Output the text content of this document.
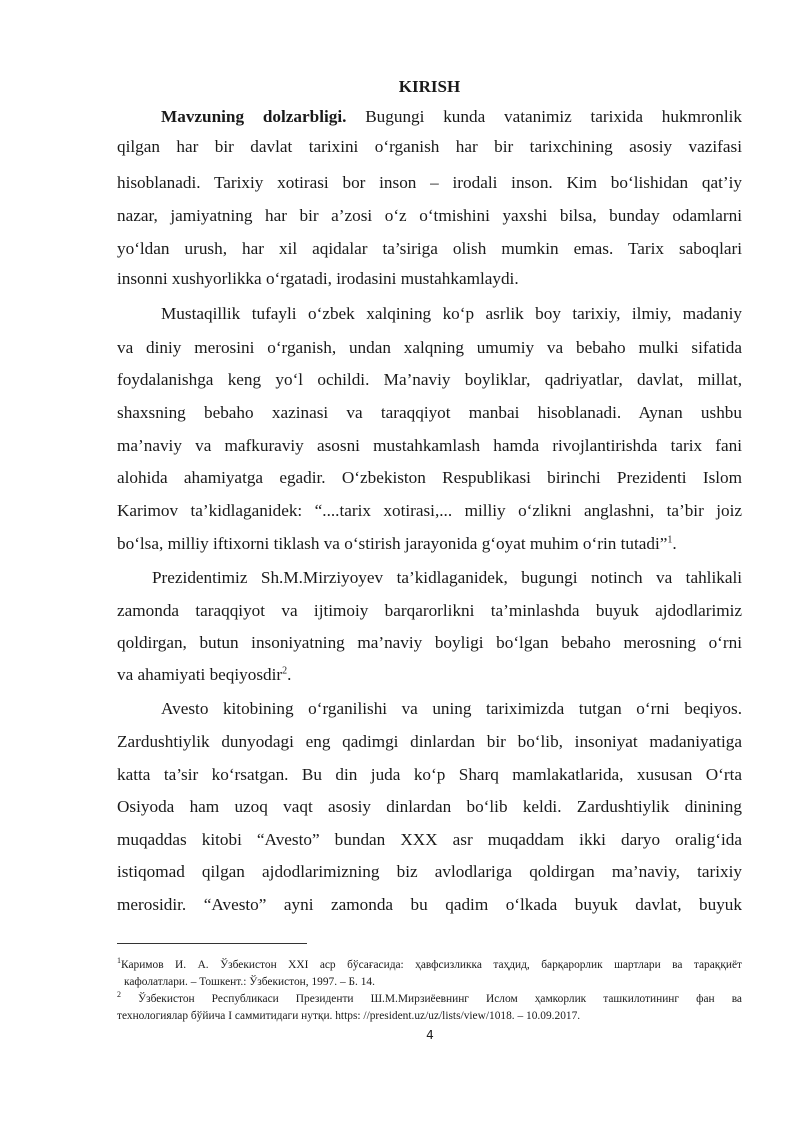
KIRISH
Mavzuning dolzarbligi. Bugungi kunda vatanimiz tarixida hukmronlik
qilgan har bir davlat tarixini o‘rganish har bir tarixchining asosiy vazifasi
hisoblanadi. Tarixiy xotirasi bor inson – irodali inson. Kim bo‘lishidan qat’iy
nazar, jamiyatning har bir a’zosi o‘z o‘tmishini yaxshi bilsa, bunday odamlarni
yo‘ldan urush, har xil aqidalar ta’siriga olish mumkin emas. Tarix saboqlari
insonni xushyorlikka o‘rgatadi, irodasini mustahkamlaydi.
Mustaqillik tufayli o‘zbek xalqining ko‘p asrlik boy tarixiy, ilmiy, madaniy
va diniy merosini o‘rganish, undan xalqning umumiy va bebaho mulki sifatida
foydalanishga keng yo‘l ochildi. Ma’naviy boyliklar, qadriyatlar, davlat, millat,
shaxsning bebaho xazinasi va taraqqiyot manbai hisoblanadi. Aynan ushbu
ma’naviy va mafkuraviy asosni mustahkamlash hamda rivojlantirishda tarix fani
alohida ahamiyatga egadir. O‘zbekiston Respublikasi birinchi Prezidenti Islom
Karimov ta’kidlaganidek: “....tarix xotirasi,... milliy o‘zlikni anglashni, ta’bir joiz
bo‘lsa, milliy iftixorni tiklash va o‘stirish jarayonida g‘oyat muhim o‘rin tutadi”$^1$.
Prezidentimiz Sh.M.Mirziyoyev ta’kidlaganidek, bugungi notinch va tahlikali
zamonda taraqqiyot va ijtimoiy barqarorlikni ta’minlashda buyuk ajdodlarimiz
qoldirgan, butun insoniyatning ma’naviy boyligi bo‘lgan bebaho merosning o‘rni
va ahamiyati beqiyosdir$^2$.
Avesto kitobining o‘rganilishi va uning tariximizda tutgan o‘rni beqiyos.
Zardushtiylik dunyodagi eng qadimgi dinlardan bir bo‘lib, insoniyat madaniyatiga
katta ta’sir ko‘rsatgan. Bu din juda ko‘p Sharq mamlakatlarida, xususan O‘rta
Osiyoda ham uzoq vaqt asosiy dinlardan bo‘lib keldi. Zardushtiylik dinining
muqaddas kitobi “Avesto” bundan XXX asr muqaddam ikki daryo oralig‘ida
istiqomad qilgan ajdodlarimizning biz avlodlariga qoldirgan ma’naviy, tarixiy
merosidir. “Avesto” ayni zamonda bu qadim o‘lkada buyuk davlat, buyuk
$^1$Каримов И. А. Ўзбекистон XXI аср бўсағасида: ҳавфсизликка таҳдид, барқарорлик шартлари ва тараққиёт
кафолатлари. – Тошкент.: Ўзбекистон, 1997. – Б. 14.
$^2$ Ўзбекистон Республикаси Президенти Ш.М.Мирзиёевнинг Ислом ҳамкорлик ташкилотининг фан ва
технологиялар бўйича I саммитидаги нутқи. https: //president.uz/uz/lists/view/1018. – 10.09.2017.
4
